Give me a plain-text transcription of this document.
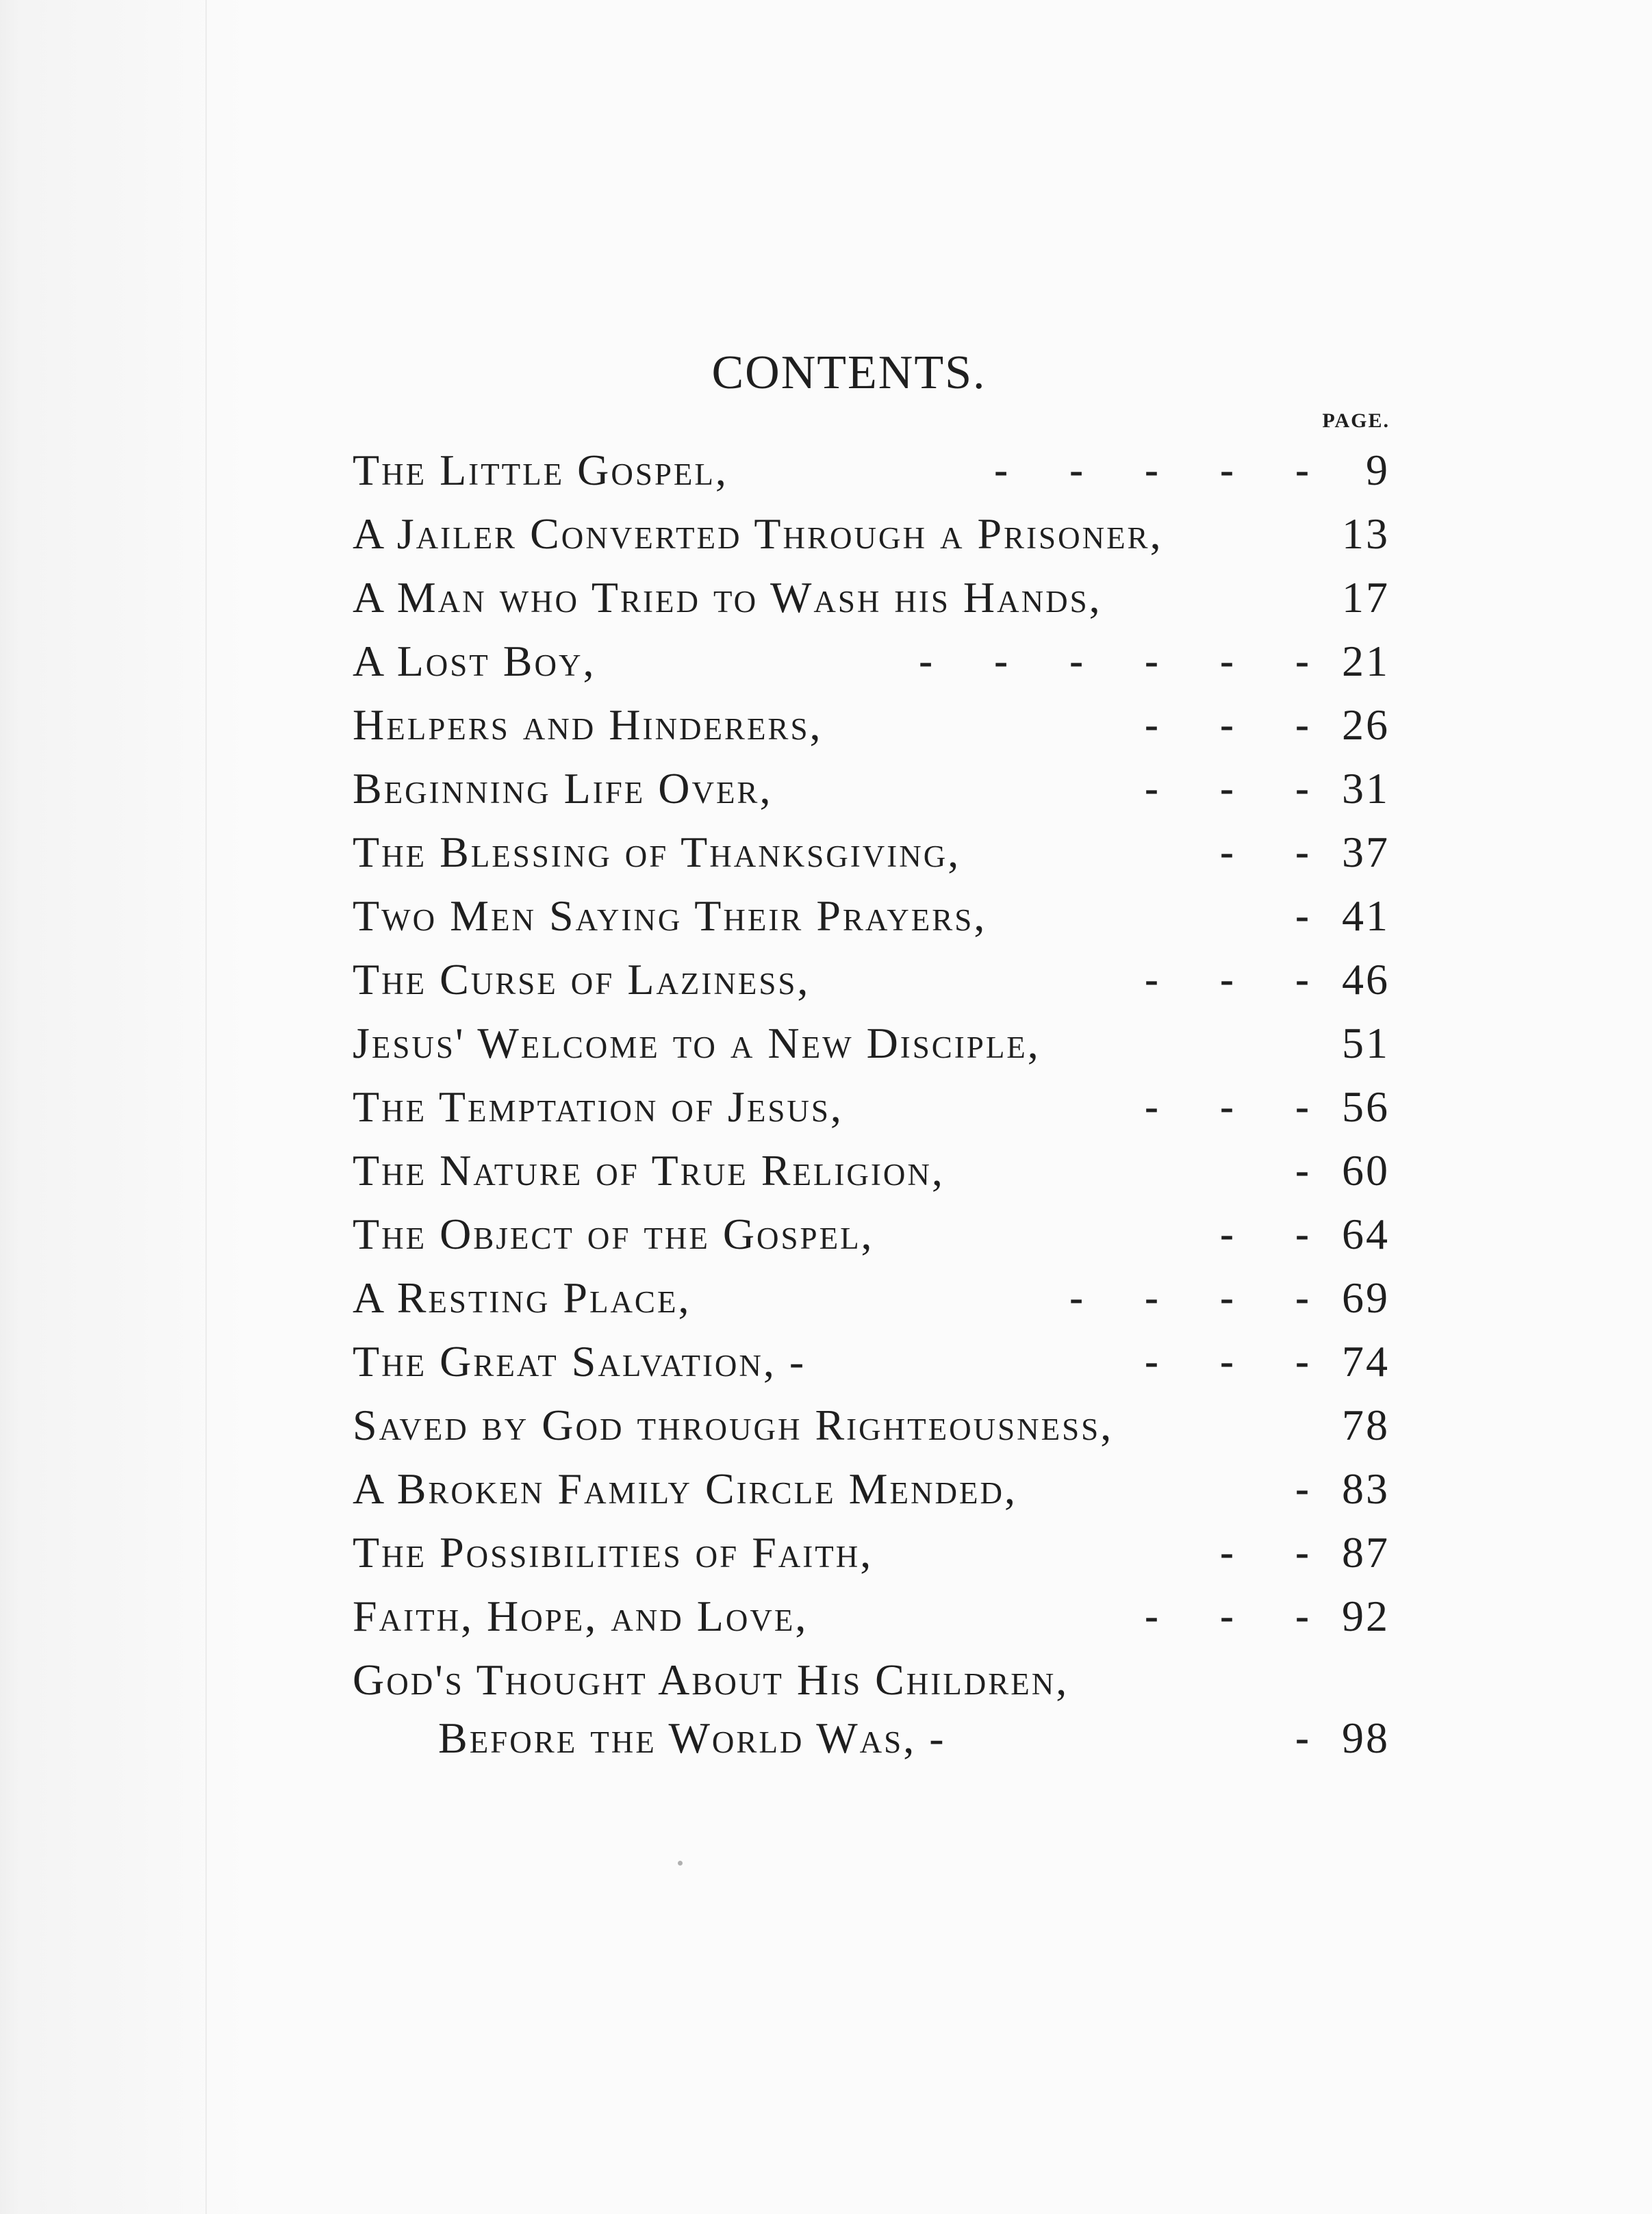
CONTENTS.
PAGE.
The Little Gospel,	-      -      -      -      -	9
A Jailer Converted Through a Prisoner,	13
A Man who Tried to Wash his Hands,	17
A Lost Boy,	-      -      -      -      -      - 21
Helpers and Hinderers,	-      -      - 26
Beginning Life Over,	-      -      - 31
The Blessing of Thanksgiving,	-      - 37
Two Men Saying Their Prayers,	- 41
The Curse of Laziness,	-      -      - 46
Jesus' Welcome to a New Disciple,	51
The Temptation of Jesus,	-      -      - 56
The Nature of True Religion,	- 60
The Object of the Gospel,	-      - 64
A Resting Place,	-      -      -      - 69
The Great Salvation, -	-      -      - 74
Saved by God through Righteousness,	78
A Broken Family Circle Mended,	- 83
The Possibilities of Faith,	-      - 87
Faith, Hope, and Love,	-      -      - 92
God's Thought About His Children,
Before the World Was, -	- 98
